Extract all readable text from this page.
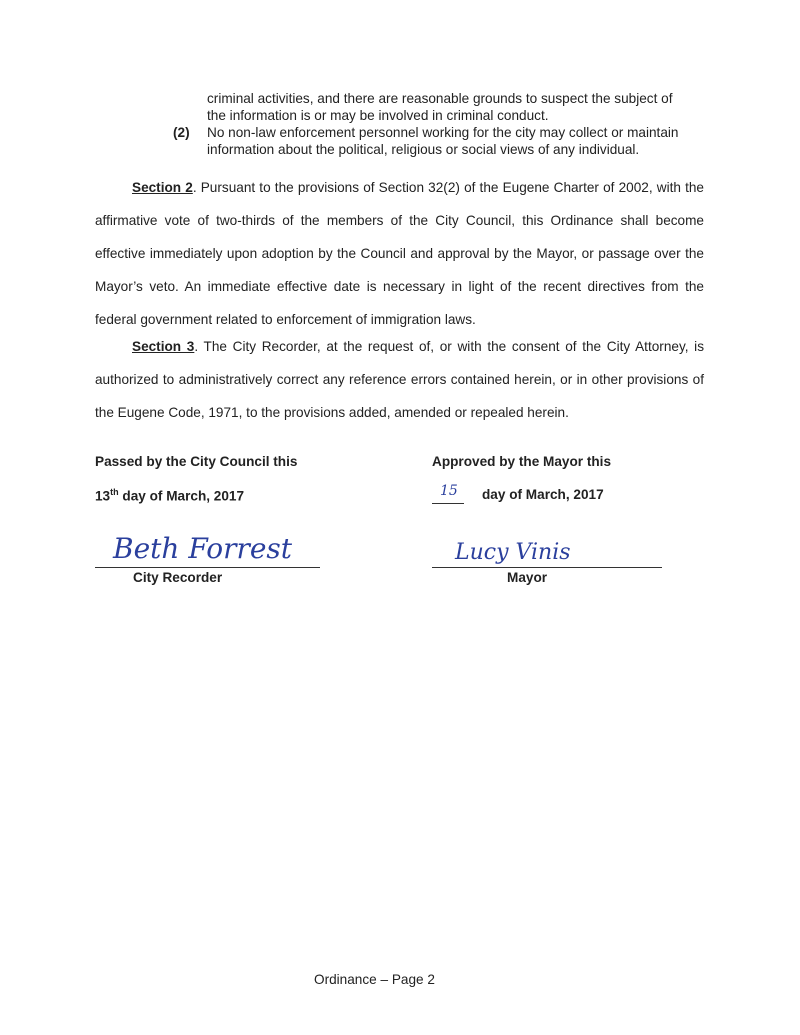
criminal activities, and there are reasonable grounds to suspect the subject of
the information is or may be involved in criminal conduct.
(2) No non-law enforcement personnel working for the city may collect or maintain
information about the political, religious or social views of any individual.
Section 2. Pursuant to the provisions of Section 32(2) of the Eugene Charter of 2002, with the affirmative vote of two-thirds of the members of the City Council, this Ordinance shall become effective immediately upon adoption by the Council and approval by the Mayor, or passage over the Mayor’s veto. An immediate effective date is necessary in light of the recent directives from the federal government related to enforcement of immigration laws.
Section 3. The City Recorder, at the request of, or with the consent of the City Attorney, is authorized to administratively correct any reference errors contained herein, or in other provisions of the Eugene Code, 1971, to the provisions added, amended or repealed herein.
Passed by the City Council this
13th day of March, 2017
Beth Forrest
City Recorder
Approved by the Mayor this
15 day of March, 2017
Lucy Vinis
Mayor
Ordinance – Page 2
